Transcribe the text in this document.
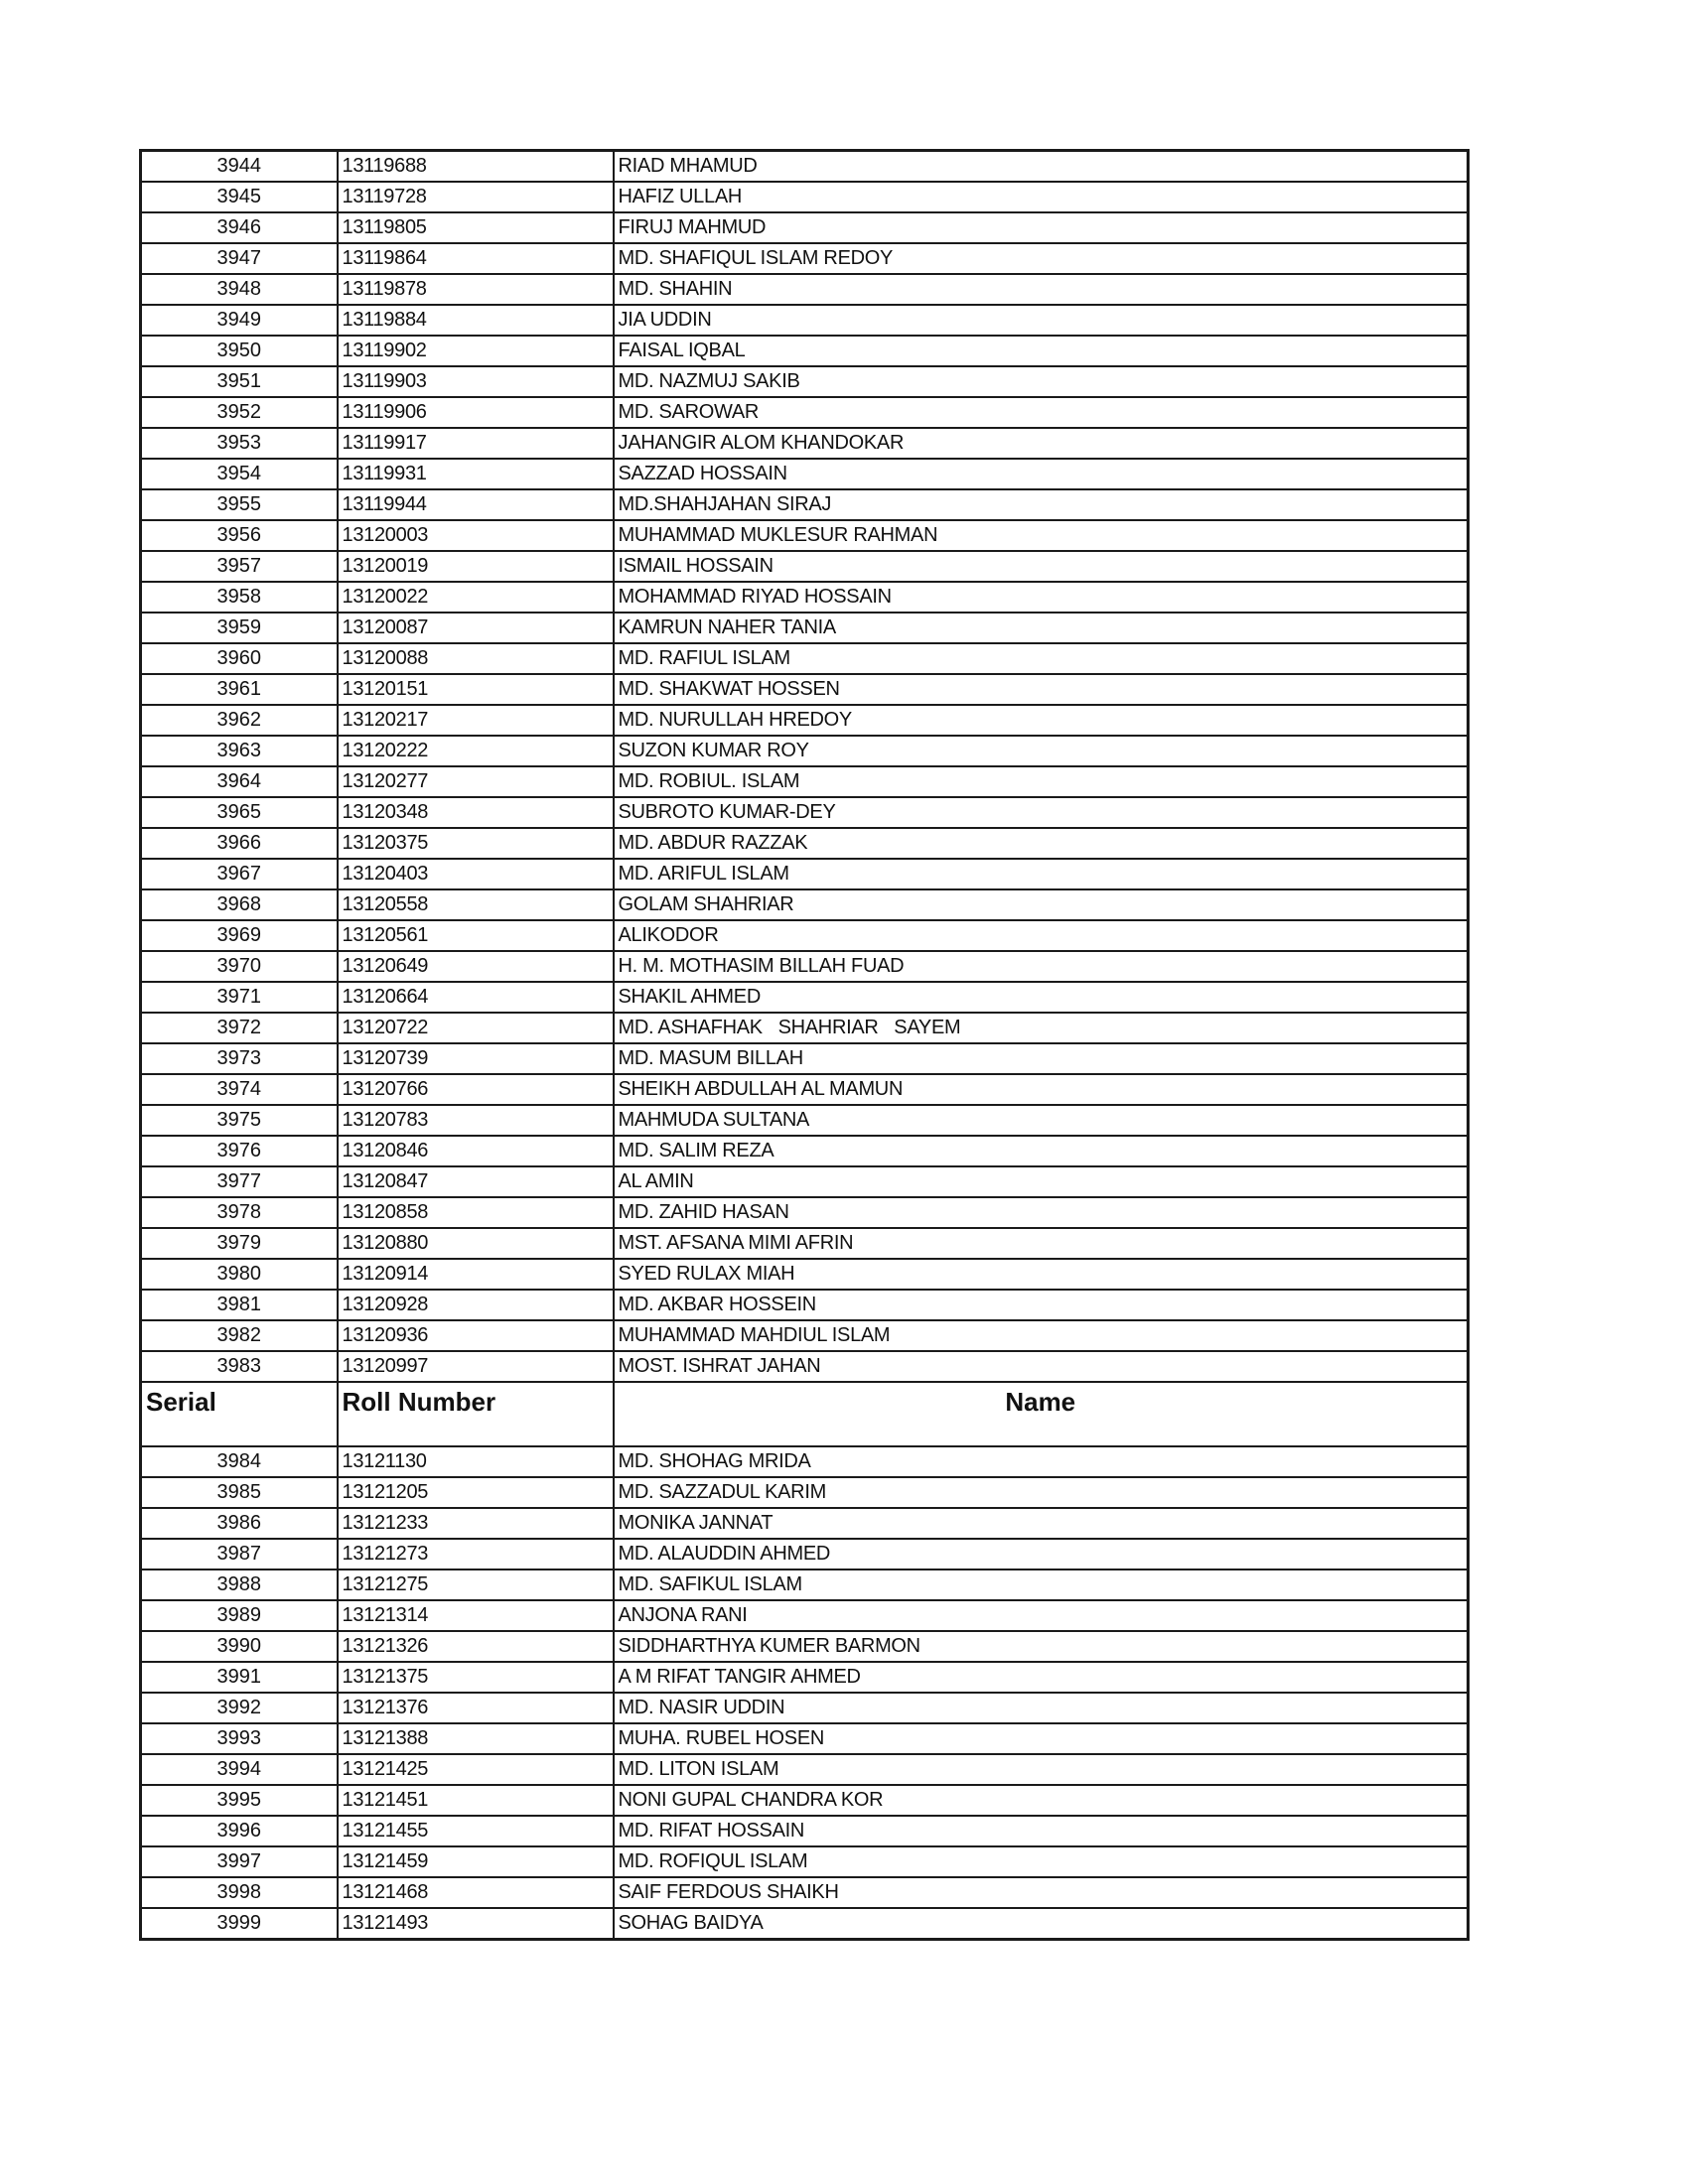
3944	13119688	RIAD MHAMUD
3945	13119728	HAFIZ ULLAH
3946	13119805	FIRUJ MAHMUD
3947	13119864	MD. SHAFIQUL ISLAM REDOY
3948	13119878	MD. SHAHIN
3949	13119884	JIA UDDIN
3950	13119902	FAISAL IQBAL
3951	13119903	MD. NAZMUJ SAKIB
3952	13119906	MD. SAROWAR
3953	13119917	JAHANGIR ALOM KHANDOKAR
3954	13119931	SAZZAD HOSSAIN
3955	13119944	MD.SHAHJAHAN SIRAJ
3956	13120003	MUHAMMAD MUKLESUR RAHMAN
3957	13120019	ISMAIL HOSSAIN
3958	13120022	MOHAMMAD RIYAD HOSSAIN
3959	13120087	KAMRUN NAHER TANIA
3960	13120088	MD. RAFIUL ISLAM
3961	13120151	MD. SHAKWAT HOSSEN
3962	13120217	MD. NURULLAH HREDOY
3963	13120222	SUZON KUMAR ROY
3964	13120277	MD. ROBIUL. ISLAM
3965	13120348	SUBROTO KUMAR-DEY
3966	13120375	MD. ABDUR RAZZAK
3967	13120403	MD. ARIFUL ISLAM
3968	13120558	GOLAM SHAHRIAR
3969	13120561	ALIKODOR
3970	13120649	H. M. MOTHASIM BILLAH FUAD
3971	13120664	SHAKIL AHMED
3972	13120722	MD. ASHAFHAK   SHAHRIAR   SAYEM
3973	13120739	MD. MASUM BILLAH
3974	13120766	SHEIKH ABDULLAH AL MAMUN
3975	13120783	MAHMUDA SULTANA
3976	13120846	MD. SALIM REZA
3977	13120847	AL AMIN
3978	13120858	MD. ZAHID HASAN
3979	13120880	MST. AFSANA MIMI AFRIN
3980	13120914	SYED RULAX MIAH
3981	13120928	MD. AKBAR HOSSEIN
3982	13120936	MUHAMMAD MAHDIUL ISLAM
3983	13120997	MOST. ISHRAT JAHAN
Serial	Roll Number	Name
3984	13121130	MD. SHOHAG MRIDA
3985	13121205	MD. SAZZADUL KARIM
3986	13121233	MONIKA JANNAT
3987	13121273	MD. ALAUDDIN AHMED
3988	13121275	MD. SAFIKUL ISLAM
3989	13121314	ANJONA RANI
3990	13121326	SIDDHARTHYA KUMER BARMON
3991	13121375	A M RIFAT TANGIR AHMED
3992	13121376	MD. NASIR UDDIN
3993	13121388	MUHA. RUBEL HOSEN
3994	13121425	MD. LITON ISLAM
3995	13121451	NONI GUPAL CHANDRA KOR
3996	13121455	MD. RIFAT HOSSAIN
3997	13121459	MD. ROFIQUL ISLAM
3998	13121468	SAIF FERDOUS SHAIKH
3999	13121493	SOHAG BAIDYA
